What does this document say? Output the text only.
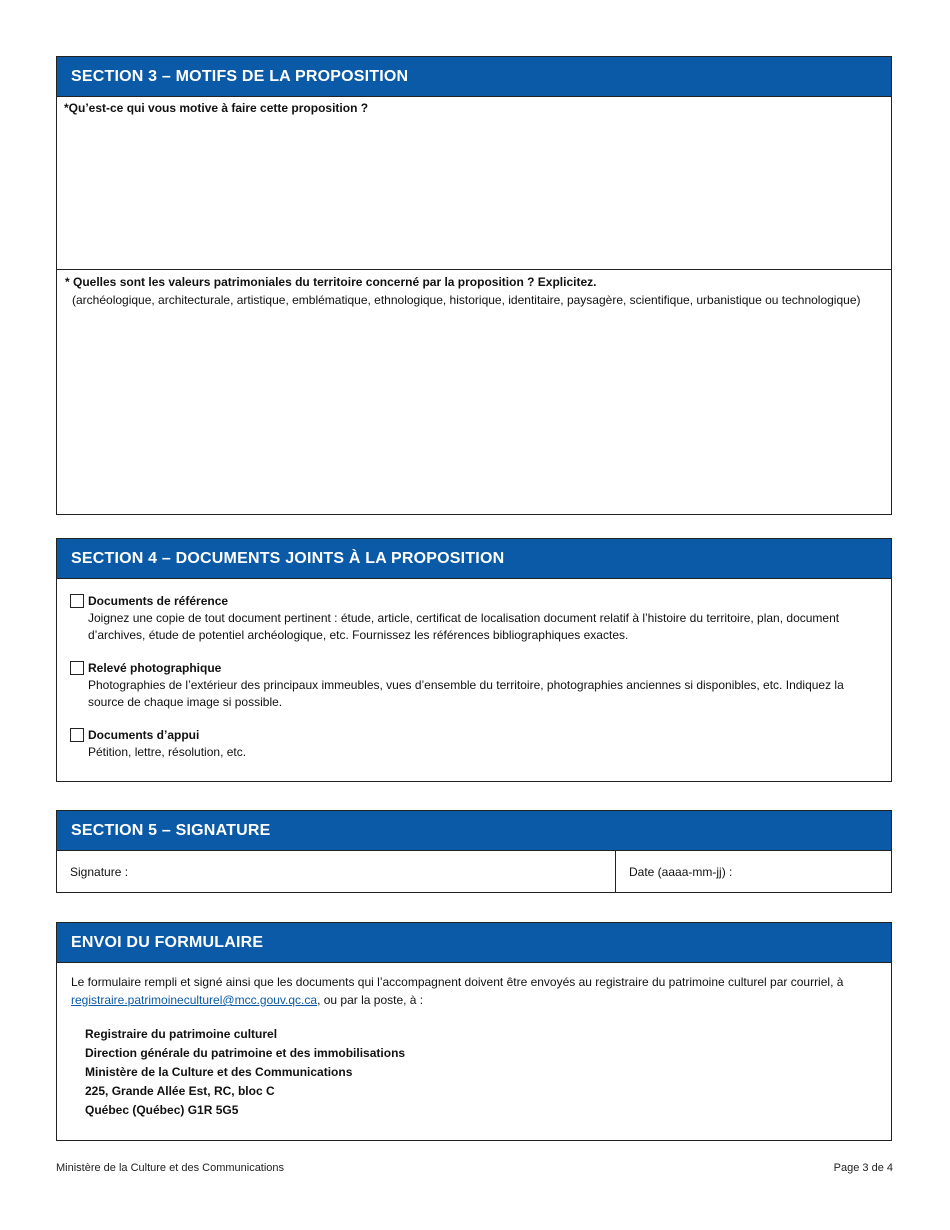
SECTION 3 – MOTIFS DE LA PROPOSITION
*Qu’est-ce qui vous motive à faire cette proposition ?
* Quelles sont les valeurs patrimoniales du territoire concerné par la proposition ? Explicitez.
(archéologique, architecturale, artistique, emblématique, ethnologique, historique, identitaire, paysagère, scientifique, urbanistique ou technologique)
SECTION 4 – DOCUMENTS JOINTS À LA PROPOSITION
Documents de référence
Joignez une copie de tout document pertinent : étude, article, certificat de localisation document relatif à l’histoire du territoire, plan, document d’archives, étude de potentiel archéologique, etc. Fournissez les références bibliographiques exactes.
Relevé photographique
Photographies de l’extérieur des principaux immeubles, vues d’ensemble du territoire, photographies anciennes si disponibles, etc. Indiquez la source de chaque image si possible.
Documents d’appui
Pétition, lettre, résolution, etc.
SECTION 5 – SIGNATURE
Signature :	Date (aaaa-mm-jj) :
ENVOI DU FORMULAIRE
Le formulaire rempli et signé ainsi que les documents qui l’accompagnent doivent être envoyés au registraire du patrimoine culturel par courriel, à registraire.patrimoineculturel@mcc.gouv.qc.ca, ou par la poste, à :
Registraire du patrimoine culturel
Direction générale du patrimoine et des immobilisations
Ministère de la Culture et des Communications
225, Grande Allée Est, RC, bloc C
Québec (Québec) G1R 5G5
Ministère de la Culture et des Communications	Page 3 de 4
